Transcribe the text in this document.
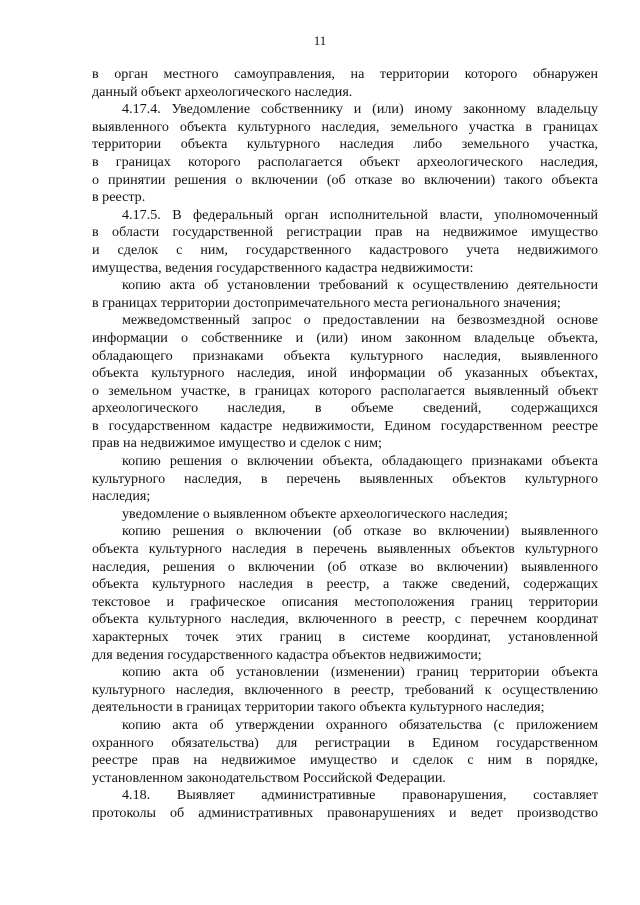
11
в орган местного самоуправления, на территории которого обнаружен
данный объект археологического наследия.
4.17.4. Уведомление собственнику и (или) иному законному владельцу
выявленного объекта культурного наследия, земельного участка в границах
территории объекта культурного наследия либо земельного участка,
в границах которого располагается объект археологического наследия,
о принятии решения о включении (об отказе во включении) такого объекта
в реестр.
4.17.5. В федеральный орган исполнительной власти, уполномоченный
в области государственной регистрации прав на недвижимое имущество
и сделок с ним, государственного кадастрового учета недвижимого
имущества, ведения государственного кадастра недвижимости:
копию акта об установлении требований к осуществлению деятельности
в границах территории достопримечательного места регионального значения;
межведомственный запрос о предоставлении на безвозмездной основе
информации о собственнике и (или) ином законном владельце объекта,
обладающего признаками объекта культурного наследия, выявленного
объекта культурного наследия, иной информации об указанных объектах,
о земельном участке, в границах которого располагается выявленный объект
археологического наследия, в объеме сведений, содержащихся
в государственном кадастре недвижимости, Едином государственном реестре
прав на недвижимое имущество и сделок с ним;
копию решения о включении объекта, обладающего признаками объекта
культурного наследия, в перечень выявленных объектов культурного
наследия;
уведомление о выявленном объекте археологического наследия;
копию решения о включении (об отказе во включении) выявленного
объекта культурного наследия в перечень выявленных объектов культурного
наследия, решения о включении (об отказе во включении) выявленного
объекта культурного наследия в реестр, а также сведений, содержащих
текстовое и графическое описания местоположения границ территории
объекта культурного наследия, включенного в реестр, с перечнем координат
характерных точек этих границ в системе координат, установленной
для ведения государственного кадастра объектов недвижимости;
копию акта об установлении (изменении) границ территории объекта
культурного наследия, включенного в реестр, требований к осуществлению
деятельности в границах территории такого объекта культурного наследия;
копию акта об утверждении охранного обязательства (с приложением
охранного обязательства) для регистрации в Едином государственном
реестре прав на недвижимое имущество и сделок с ним в порядке,
установленном законодательством Российской Федерации.
4.18. Выявляет административные правонарушения, составляет
протоколы об административных правонарушениях и ведет производство
